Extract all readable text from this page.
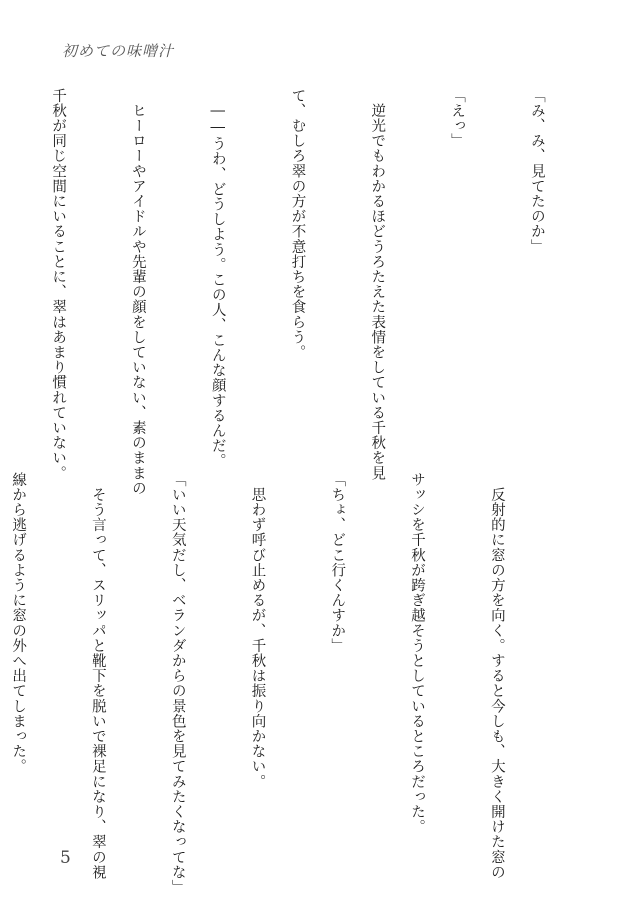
初めての味噌汁

「み、み、見てたのか」

「えっ」

　逆光でもわかるほどうろたえた表情をしている千秋を見

て、むしろ翠の方が不意打ちを食らう。

　――うわ、どうしよう。この人、こんな顔するんだ。

　ヒーローやアイドルや先輩の顔をしていない、素のままの

千秋が同じ空間にいることに、翠はあまり慣れていない。

　反射的に窓の方を向く。すると今しも、大きく開けた窓の

サッシを千秋が跨ぎ越そうとしているところだった。

「ちょ、どこ行くんすか」

　思わず呼び止めるが、千秋は振り向かない。

「いい天気だし、ベランダからの景色を見てみたくなってな」

　そう言って、スリッパと靴下を脱いで裸足になり、翠の視

線から逃げるように窓の外へ出てしまった。

5
